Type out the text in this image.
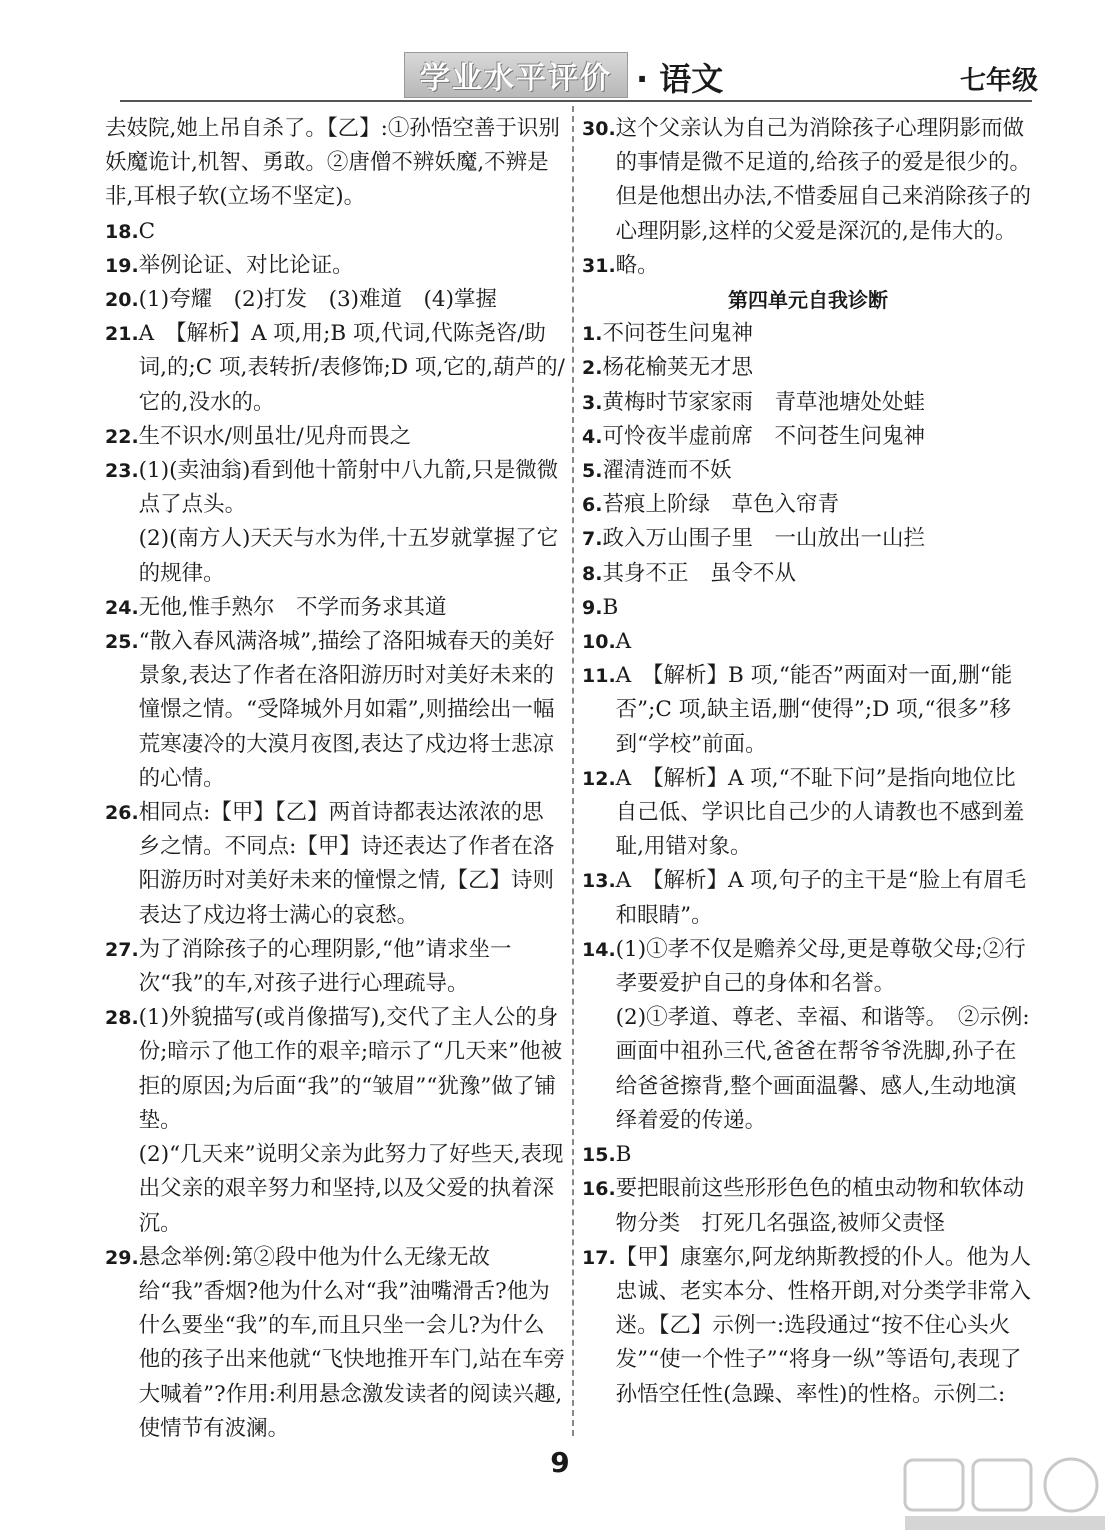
学业水平评价 · 语文	七年级
去妓院,她上吊自杀了。【乙】:①孙悟空善于识别妖魔诡计,机智、勇敢。②唐僧不辨妖魔,不辨是非,耳根子软(立场不坚定)。
18. C
19. 举例论证、对比论证。
20. (1)夸耀　(2)打发　(3)难道　(4)掌握
21. A　【解析】A 项,用;B 项,代词,代陈尧咨/助词,的;C 项,表转折/表修饰;D 项,它的,葫芦的/它的,没水的。
22. 生不识水/则虽壮/见舟而畏之
23. (1)(卖油翁)看到他十箭射中八九箭,只是微微点了点头。
(2)(南方人)天天与水为伴,十五岁就掌握了它的规律。
24. 无他,惟手熟尔　不学而务求其道
25. “散入春风满洛城”,描绘了洛阳城春天的美好景象,表达了作者在洛阳游历时对美好未来的憧憬之情。“受降城外月如霜”,则描绘出一幅荒寒凄冷的大漠月夜图,表达了戍边将士悲凉的心情。
26. 相同点:【甲】【乙】两首诗都表达浓浓的思乡之情。不同点:【甲】诗还表达了作者在洛阳游历时对美好未来的憧憬之情,【乙】诗则表达了戍边将士满心的哀愁。
27. 为了消除孩子的心理阴影,“他”请求坐一次“我”的车,对孩子进行心理疏导。
28. (1)外貌描写(或肖像描写),交代了主人公的身份;暗示了他工作的艰辛;暗示了“几天来”他被拒的原因;为后面“我”的“皱眉”“犹豫”做了铺垫。
(2)“几天来”说明父亲为此努力了好些天,表现出父亲的艰辛努力和坚持,以及父爱的执着深沉。
29. 悬念举例:第②段中他为什么无缘无故给“我”香烟?他为什么对“我”油嘴滑舌?他为什么要坐“我”的车,而且只坐一会儿?为什么他的孩子出来他就“飞快地推开车门,站在车旁大喊着”?作用:利用悬念激发读者的阅读兴趣,使情节有波澜。
30. 这个父亲认为自己为消除孩子心理阴影而做的事情是微不足道的,给孩子的爱是很少的。但是他想出办法,不惜委屈自己来消除孩子的心理阴影,这样的父爱是深沉的,是伟大的。
31. 略。
第四单元自我诊断
1. 不问苍生问鬼神
2. 杨花榆荚无才思
3. 黄梅时节家家雨　青草池塘处处蛙
4. 可怜夜半虚前席　不问苍生问鬼神
5. 濯清涟而不妖
6. 苔痕上阶绿　草色入帘青
7. 政入万山围子里　一山放出一山拦
8. 其身不正　虽令不从
9. B
10. A
11. A　【解析】B 项,“能否”两面对一面,删“能否”;C 项,缺主语,删“使得”;D 项,“很多”移到“学校”前面。
12. A　【解析】A 项,“不耻下问”是指向地位比自己低、学识比自己少的人请教也不感到羞耻,用错对象。
13. A　【解析】A 项,句子的主干是“脸上有眉毛和眼睛”。
14. (1)①孝不仅是赡养父母,更是尊敬父母;②行孝要爱护自己的身体和名誉。
(2)①孝道、尊老、幸福、和谐等。　②示例:画面中祖孙三代,爸爸在帮爷爷洗脚,孙子在给爸爸擦背,整个画面温馨、感人,生动地演绎着爱的传递。
15. B
16. 要把眼前这些形形色色的植虫动物和软体动物分类　打死几名强盗,被师父责怪
17. 【甲】康塞尔,阿龙纳斯教授的仆人。他为人忠诚、老实本分、性格开朗,对分类学非常入迷。【乙】示例一:选段通过“按不住心头火发”“使一个性子”“将身一纵”等语句,表现了孙悟空任性(急躁、率性)的性格。示例二:
9
